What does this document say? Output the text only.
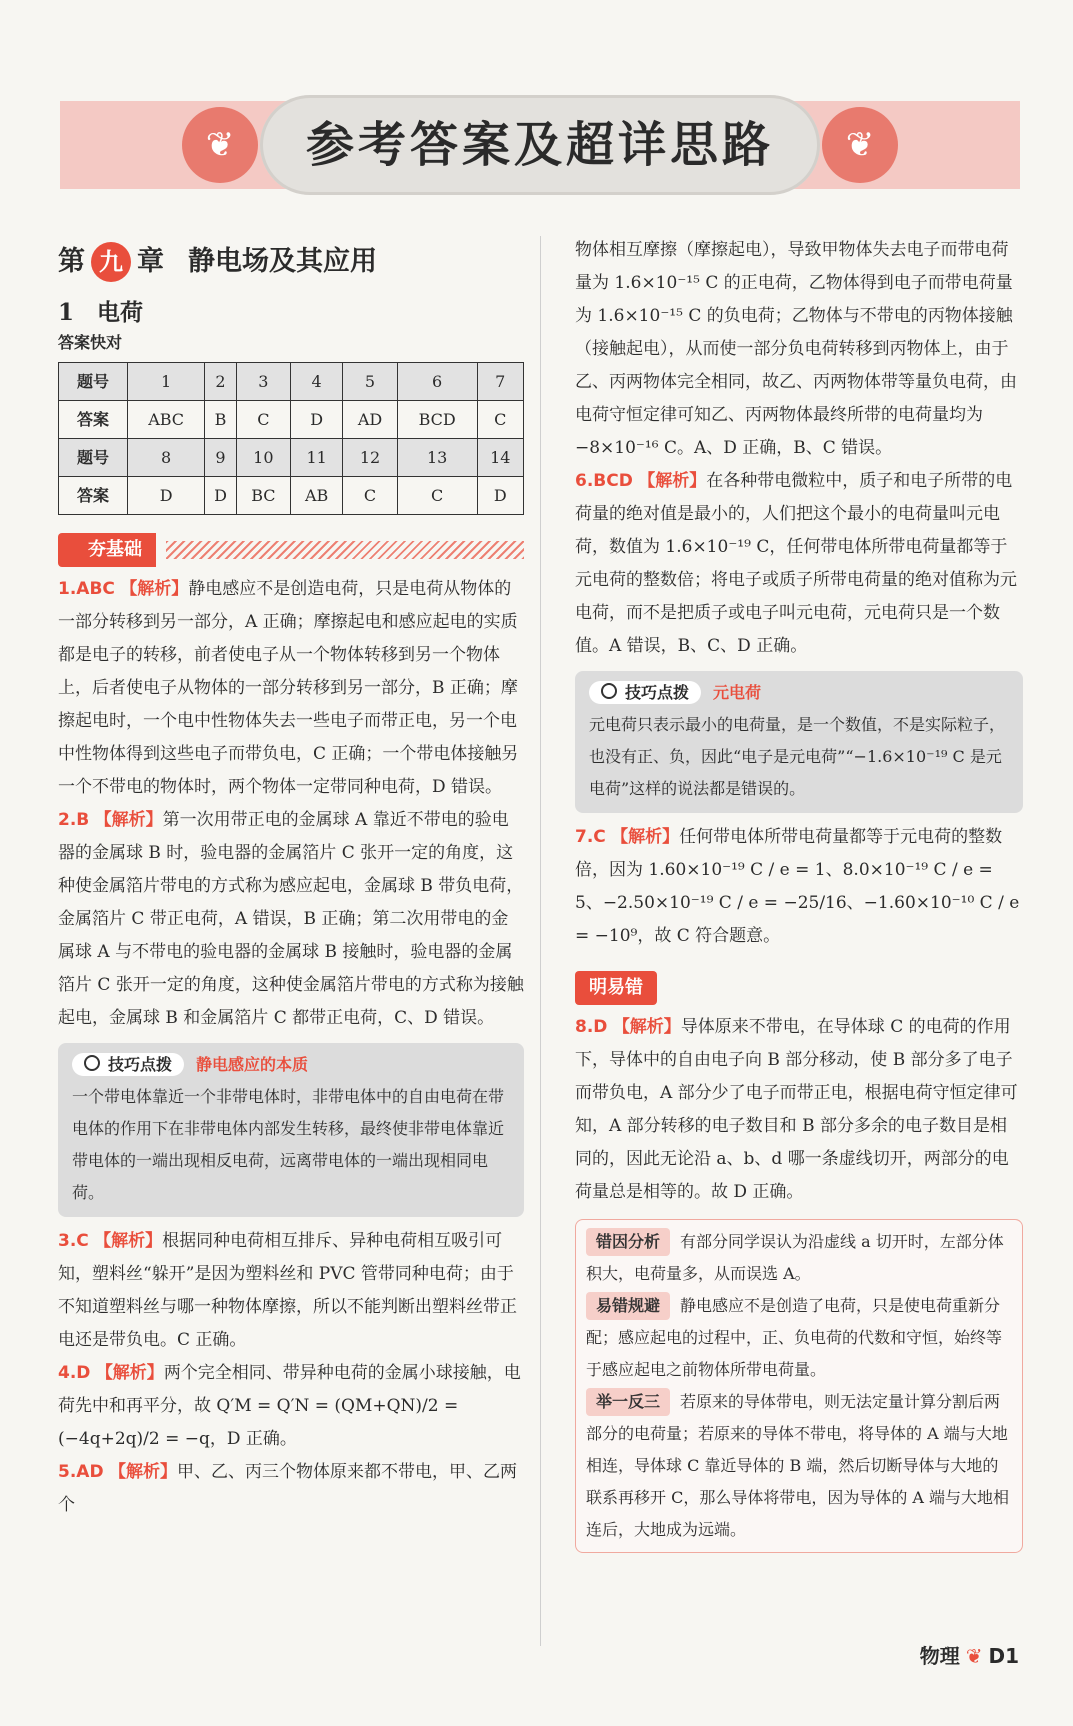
❦	❦
参考答案及超详思路
第 九 章 静电场及其应用
1　电荷
答案快对
题号	1	2	3	4	5	6	7
答案	ABC	B	C	D	AD	BCD	C
题号	8	9	10	11	12	13	14
答案	D	D	BC	AB	C	C	D
夯基础
1.ABC 【解析】静电感应不是创造电荷，只是电荷从物体的一部分转移到另一部分，A 正确；摩擦起电和感应起电的实质都是电子的转移，前者使电子从一个物体转移到另一个物体上，后者使电子从物体的一部分转移到另一部分，B 正确；摩擦起电时，一个电中性物体失去一些电子而带正电，另一个电中性物体得到这些电子而带负电，C 正确；一个带电体接触另一个不带电的物体时，两个物体一定带同种电荷，D 错误。
2.B 【解析】第一次用带正电的金属球 A 靠近不带电的验电器的金属球 B 时，验电器的金属箔片 C 张开一定的角度，这种使金属箔片带电的方式称为感应起电，金属球 B 带负电荷，金属箔片 C 带正电荷，A 错误，B 正确；第二次用带电的金属球 A 与不带电的验电器的金属球 B 接触时，验电器的金属箔片 C 张开一定的角度，这种使金属箔片带电的方式称为接触起电，金属球 B 和金属箔片 C 都带正电荷，C、D 错误。
技巧点拨 静电感应的本质
一个带电体靠近一个非带电体时，非带电体中的自由电荷在带电体的作用下在非带电体内部发生转移，最终使非带电体靠近带电体的一端出现相反电荷，远离带电体的一端出现相同电荷。
3.C 【解析】根据同种电荷相互排斥、异种电荷相互吸引可知，塑料丝“躲开”是因为塑料丝和 PVC 管带同种电荷；由于不知道塑料丝与哪一种物体摩擦，所以不能判断出塑料丝带正电还是带负电。C 正确。
4.D 【解析】两个完全相同、带异种电荷的金属小球接触，电荷先中和再平分，故 Q′M = Q′N = (QM+QN)/2 = (−4q+2q)/2 = −q，D 正确。
5.AD 【解析】甲、乙、丙三个物体原来都不带电，甲、乙两个
物体相互摩擦（摩擦起电），导致甲物体失去电子而带电荷量为 1.6×10⁻¹⁵ C 的正电荷，乙物体得到电子而带电荷量为 1.6×10⁻¹⁵ C 的负电荷；乙物体与不带电的丙物体接触（接触起电），从而使一部分负电荷转移到丙物体上，由于乙、丙两物体完全相同，故乙、丙两物体带等量负电荷，由电荷守恒定律可知乙、丙两物体最终所带的电荷量均为 −8×10⁻¹⁶ C。A、D 正确，B、C 错误。
6.BCD 【解析】在各种带电微粒中，质子和电子所带的电荷量的绝对值是最小的，人们把这个最小的电荷量叫元电荷，数值为 1.6×10⁻¹⁹ C，任何带电体所带电荷量都等于元电荷的整数倍；将电子或质子所带电荷量的绝对值称为元电荷，而不是把质子或电子叫元电荷，元电荷只是一个数值。A 错误，B、C、D 正确。
技巧点拨 元电荷
元电荷只表示最小的电荷量，是一个数值，不是实际粒子，也没有正、负，因此“电子是元电荷”“−1.6×10⁻¹⁹ C 是元电荷”这样的说法都是错误的。
7.C 【解析】任何带电体所带电荷量都等于元电荷的整数倍，因为 1.60×10⁻¹⁹ C / e = 1、8.0×10⁻¹⁹ C / e = 5、−2.50×10⁻¹⁹ C / e = −25/16、−1.60×10⁻¹⁰ C / e = −10⁹，故 C 符合题意。
明易错
8.D 【解析】导体原来不带电，在导体球 C 的电荷的作用下，导体中的自由电子向 B 部分移动，使 B 部分多了电子而带负电，A 部分少了电子而带正电，根据电荷守恒定律可知，A 部分转移的电子数目和 B 部分多余的电子数目是相同的，因此无论沿 a、b、d 哪一条虚线切开，两部分的电荷量总是相等的。故 D 正确。
错因分析 有部分同学误认为沿虚线 a 切开时，左部分体积大，电荷量多，从而误选 A。
易错规避 静电感应不是创造了电荷，只是使电荷重新分配；感应起电的过程中，正、负电荷的代数和守恒，始终等于感应起电之前物体所带电荷量。
举一反三 若原来的导体带电，则无法定量计算分割后两部分的电荷量；若原来的导体不带电，将导体的 A 端与大地相连，导体球 C 靠近导体的 B 端，然后切断导体与大地的联系再移开 C，那么导体将带电，因为导体的 A 端与大地相连后，大地成为远端。
物理 ❦ D1
